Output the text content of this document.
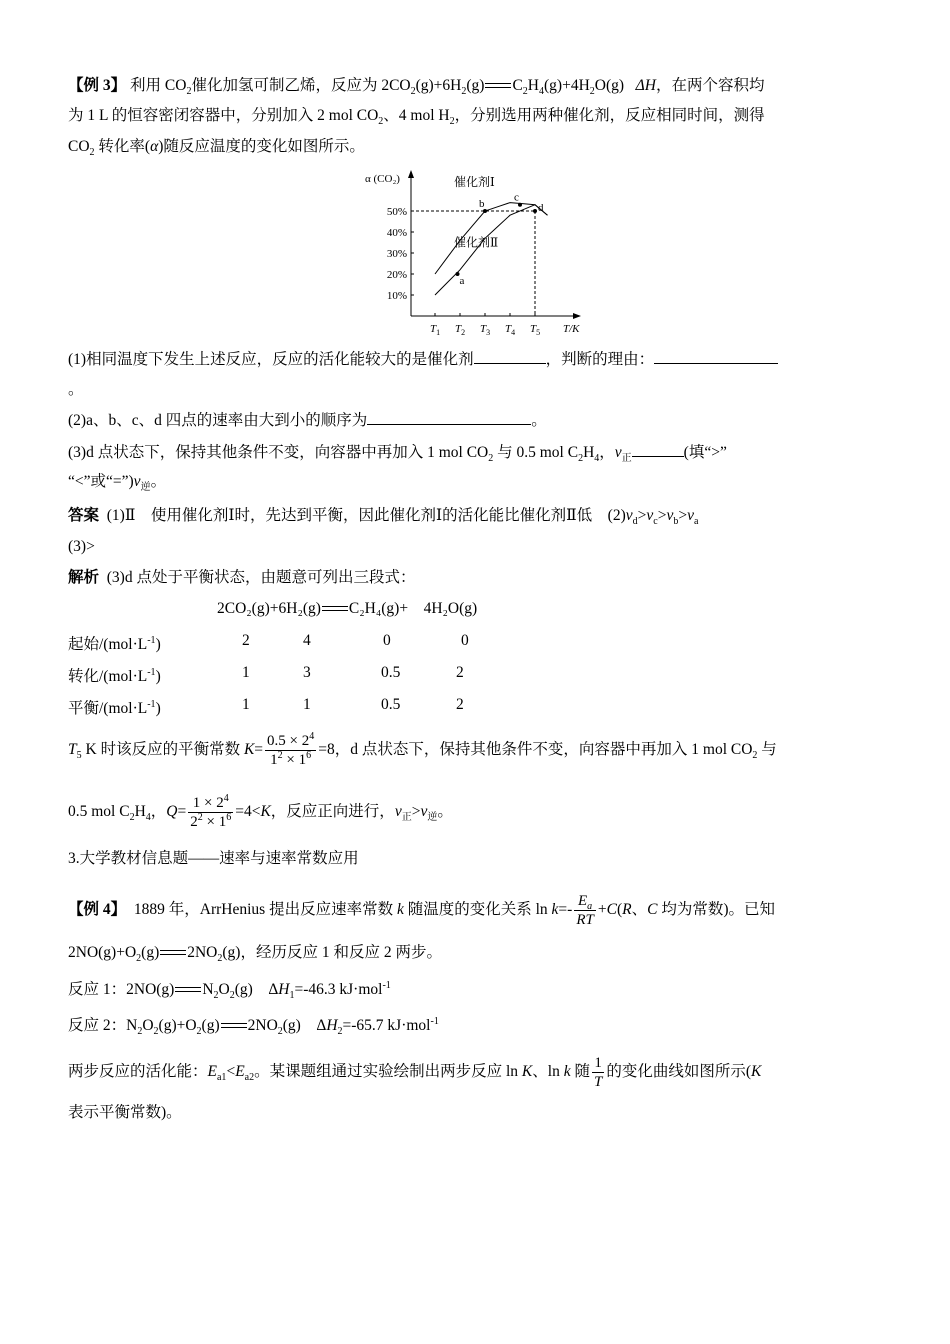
【例 3】 利用 $CO_2$催化加氢可制乙烯，反应为 $2CO_2(g)+6H_2(g)$ $C_2H_4(g)+4H_2O(g)$ ΔH，在两个容积均
为 1 L 的恒容密闭容器中，分别加入 2 mol $CO_2$、4 mol $H_2$，分别选用两种催化剂，反应相同时间，测得
$CO_2$ 转化率(α)随反应温度的变化如图所示。
α (CO₂)
10%
20%
30%
40%
50%
$T_1$ $T_2$ $T_3$ $T_4$ $T_5$ T/K
催化剂Ⅰ
催化剂Ⅱ
a
b
c
d
(1)相同温度下发生上述反应，反应的活化能较大的是催化剂	，判断的理由：
。
(2)a、b、c、d 四点的速率由大到小的顺序为	。
(3)d 点状态下，保持其他条件不变，向容器中再加入 1 mol $CO_2$ 与 0.5 mol $C_2H_4$，$v_正$	(填“>”
“<”或“$=”)v_逆$。
答案 (1)Ⅱ　使用催化剂Ⅰ时，先达到平衡，因此催化剂Ⅰ的活化能比催化剂Ⅱ低　$(2)v_d>v_c>v_b>v_a$
(3)>
解析 (3)d 点处于平衡状态，由题意可列出三段式：
2CO₂(g)+6H₂(g) C₂H₄(g)+ 4H₂O(g)
起始$/(mol\cdot L^{-1})$	2	4	0	0
转化$/(mol\cdot L^{-1})$	1	3	0.5	2
平衡$/(mol\cdot L^{-1})$	1	1	0.5	2
$T_5$ K 时该反应的平衡常数 $K= \frac{0.5 \times 2^4}{1^2 \times 1^6} =8$，d 点状态下，保持其他条件不变，向容器中再加入 1 mol $CO_2$ 与
0.5 mol $C_2H_4$，$Q= \frac{1 \times 2^4}{2^2 \times 1^6} =4<K$，反应正向进行，$v_正>v_逆$。
3.大学教材信息题——速率与速率常数应用
【例 4】 1889 年，ArrHenius 提出反应速率常数 k 随温度的变化关系 $\ln k=- \frac{E_a}{RT} +C(R$、C 均为常数)。已知
$2NO(g)+O_2(g)$ $2NO_2(g)$，经历反应 1 和反应 2 两步。
反应 1：2NO(g) $N_2O_2(g)$　$\Delta H_1=-46.3$ kJ·mol$^{-1}$
反应 2：$N_2O_2(g)+O_2(g)$ $2NO_2(g)$　$\Delta H_2=-65.7$ kJ·mol$^{-1}$
两步反应的活化能：$E_{a1}<E_{a2}$。某课题组通过实验绘制出两步反应 ln K、ln k 随 $\frac{1}{T}$ 的变化曲线如图所示(K
表示平衡常数)。
